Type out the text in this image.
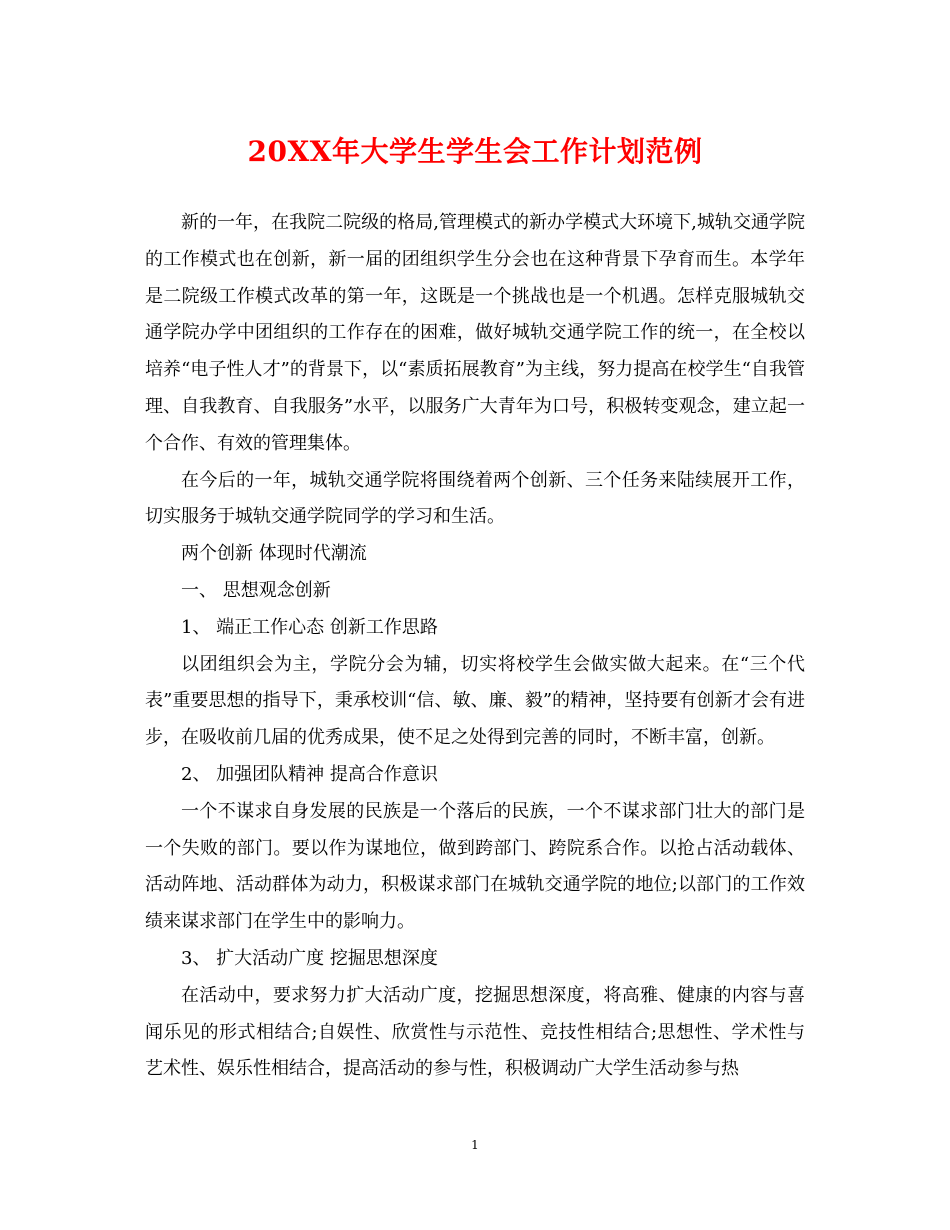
20XX年大学生学生会工作计划范例

新的一年，在我院二院级的格局,管理模式的新办学模式大环境下,城轨交通学院的工作模式也在创新，新一届的团组织学生分会也在这种背景下孕育而生。本学年是二院级工作模式改革的第一年，这既是一个挑战也是一个机遇。怎样克服城轨交通学院办学中团组织的工作存在的困难，做好城轨交通学院工作的统一，在全校以培养“电子性人才”的背景下，以“素质拓展教育”为主线，努力提高在校学生“自我管理、自我教育、自我服务”水平，以服务广大青年为口号，积极转变观念，建立起一个合作、有效的管理集体。

在今后的一年，城轨交通学院将围绕着两个创新、三个任务来陆续展开工作，切实服务于城轨交通学院同学的学习和生活。

两个创新 体现时代潮流

一、 思想观念创新

1、 端正工作心态 创新工作思路

以团组织会为主，学院分会为辅，切实将校学生会做实做大起来。在“三个代表”重要思想的指导下，秉承校训“信、敏、廉、毅”的精神，坚持要有创新才会有进步，在吸收前几届的优秀成果，使不足之处得到完善的同时，不断丰富，创新。

2、 加强团队精神 提高合作意识

一个不谋求自身发展的民族是一个落后的民族，一个不谋求部门壮大的部门是一个失败的部门。要以作为谋地位，做到跨部门、跨院系合作。以抢占活动载体、活动阵地、活动群体为动力，积极谋求部门在城轨交通学院的地位;以部门的工作效绩来谋求部门在学生中的影响力。

3、 扩大活动广度 挖掘思想深度

在活动中，要求努力扩大活动广度，挖掘思想深度，将高雅、健康的内容与喜闻乐见的形式相结合;自娱性、欣赏性与示范性、竞技性相结合;思想性、学术性与艺术性、娱乐性相结合，提高活动的参与性，积极调动广大学生活动参与热

1
